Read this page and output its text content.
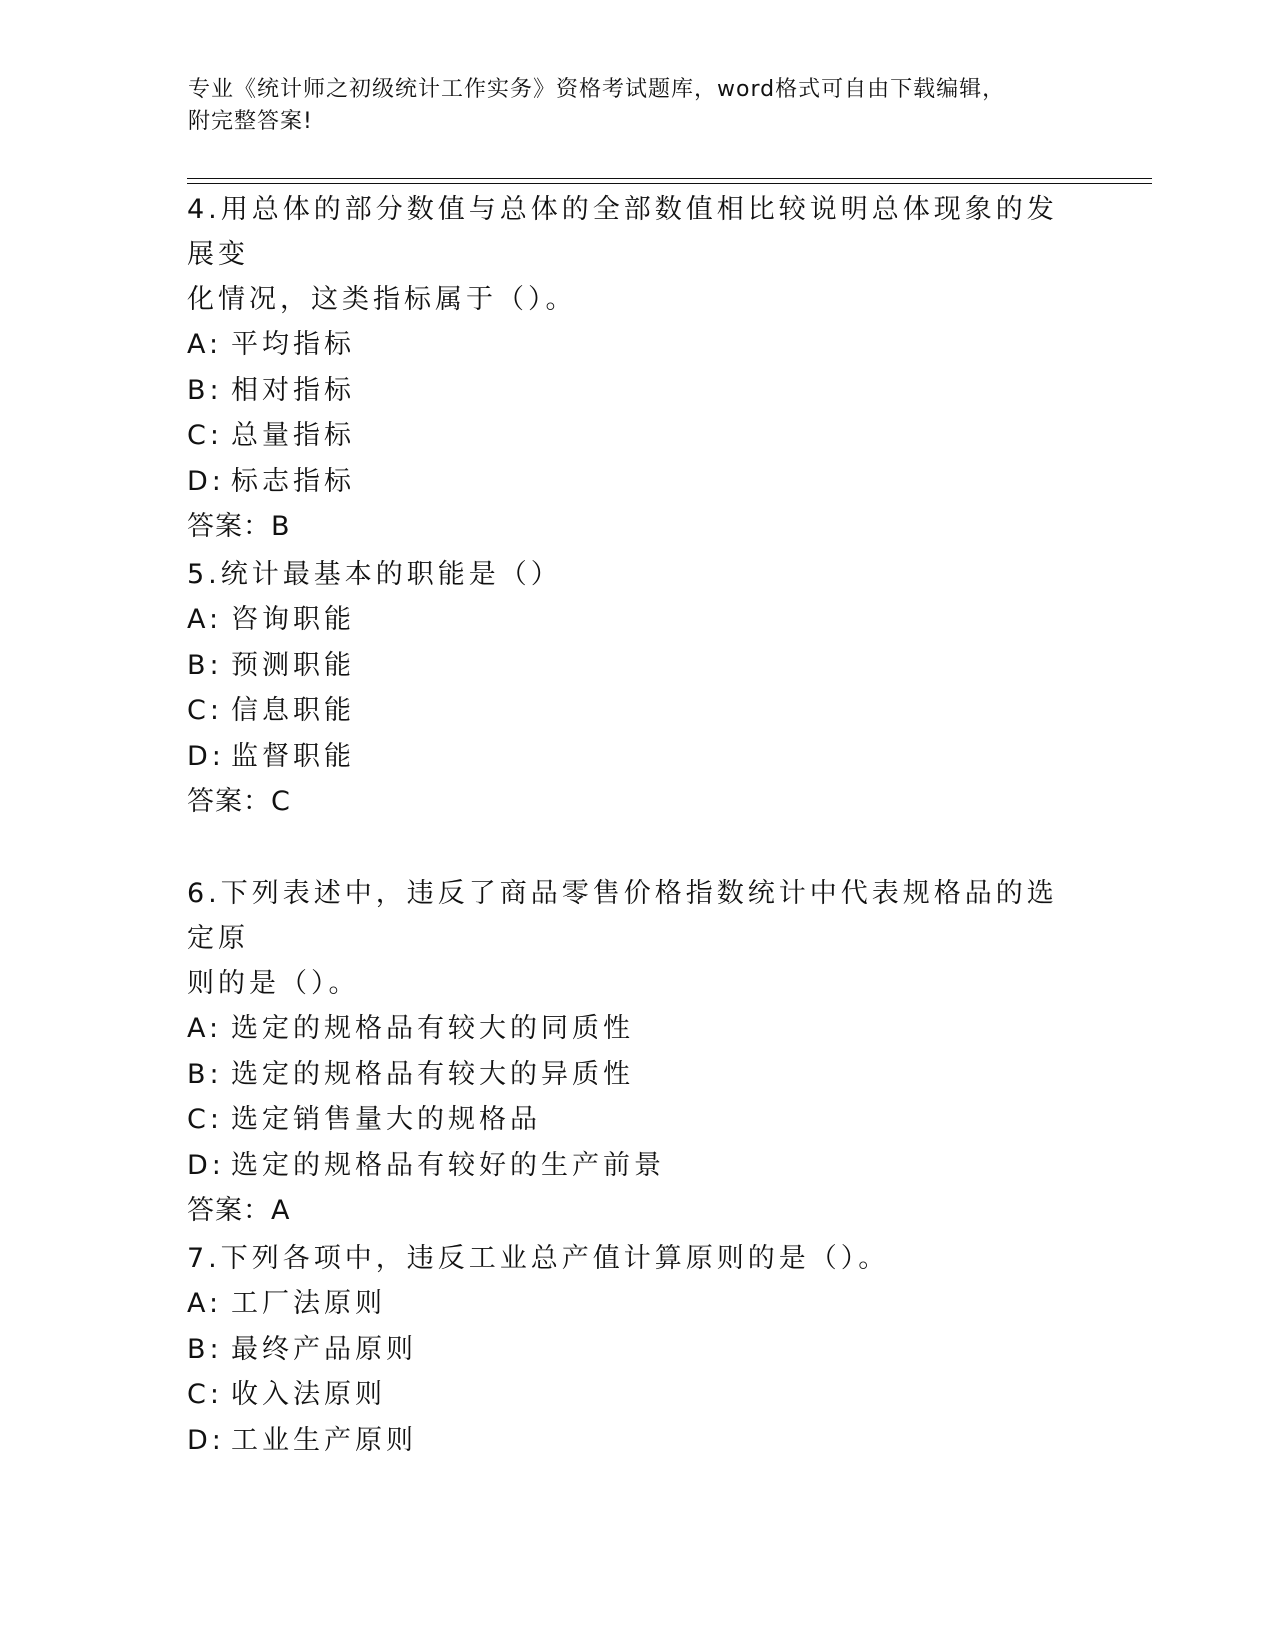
专业《统计师之初级统计工作实务》资格考试题库，word格式可自由下载编辑，
附完整答案!
4.用总体的部分数值与总体的全部数值相比较说明总体现象的发展变
化情况，这类指标属于（）。
A: 平均指标
B: 相对指标
C: 总量指标
D: 标志指标
答案：B
5.统计最基本的职能是（）
A: 咨询职能
B: 预测职能
C: 信息职能
D: 监督职能
答案：C
6.下列表述中，违反了商品零售价格指数统计中代表规格品的选定原
则的是（）。
A: 选定的规格品有较大的同质性
B: 选定的规格品有较大的异质性
C: 选定销售量大的规格品
D: 选定的规格品有较好的生产前景
答案：A
7.下列各项中，违反工业总产值计算原则的是（）。
A: 工厂法原则
B: 最终产品原则
C: 收入法原则
D: 工业生产原则
